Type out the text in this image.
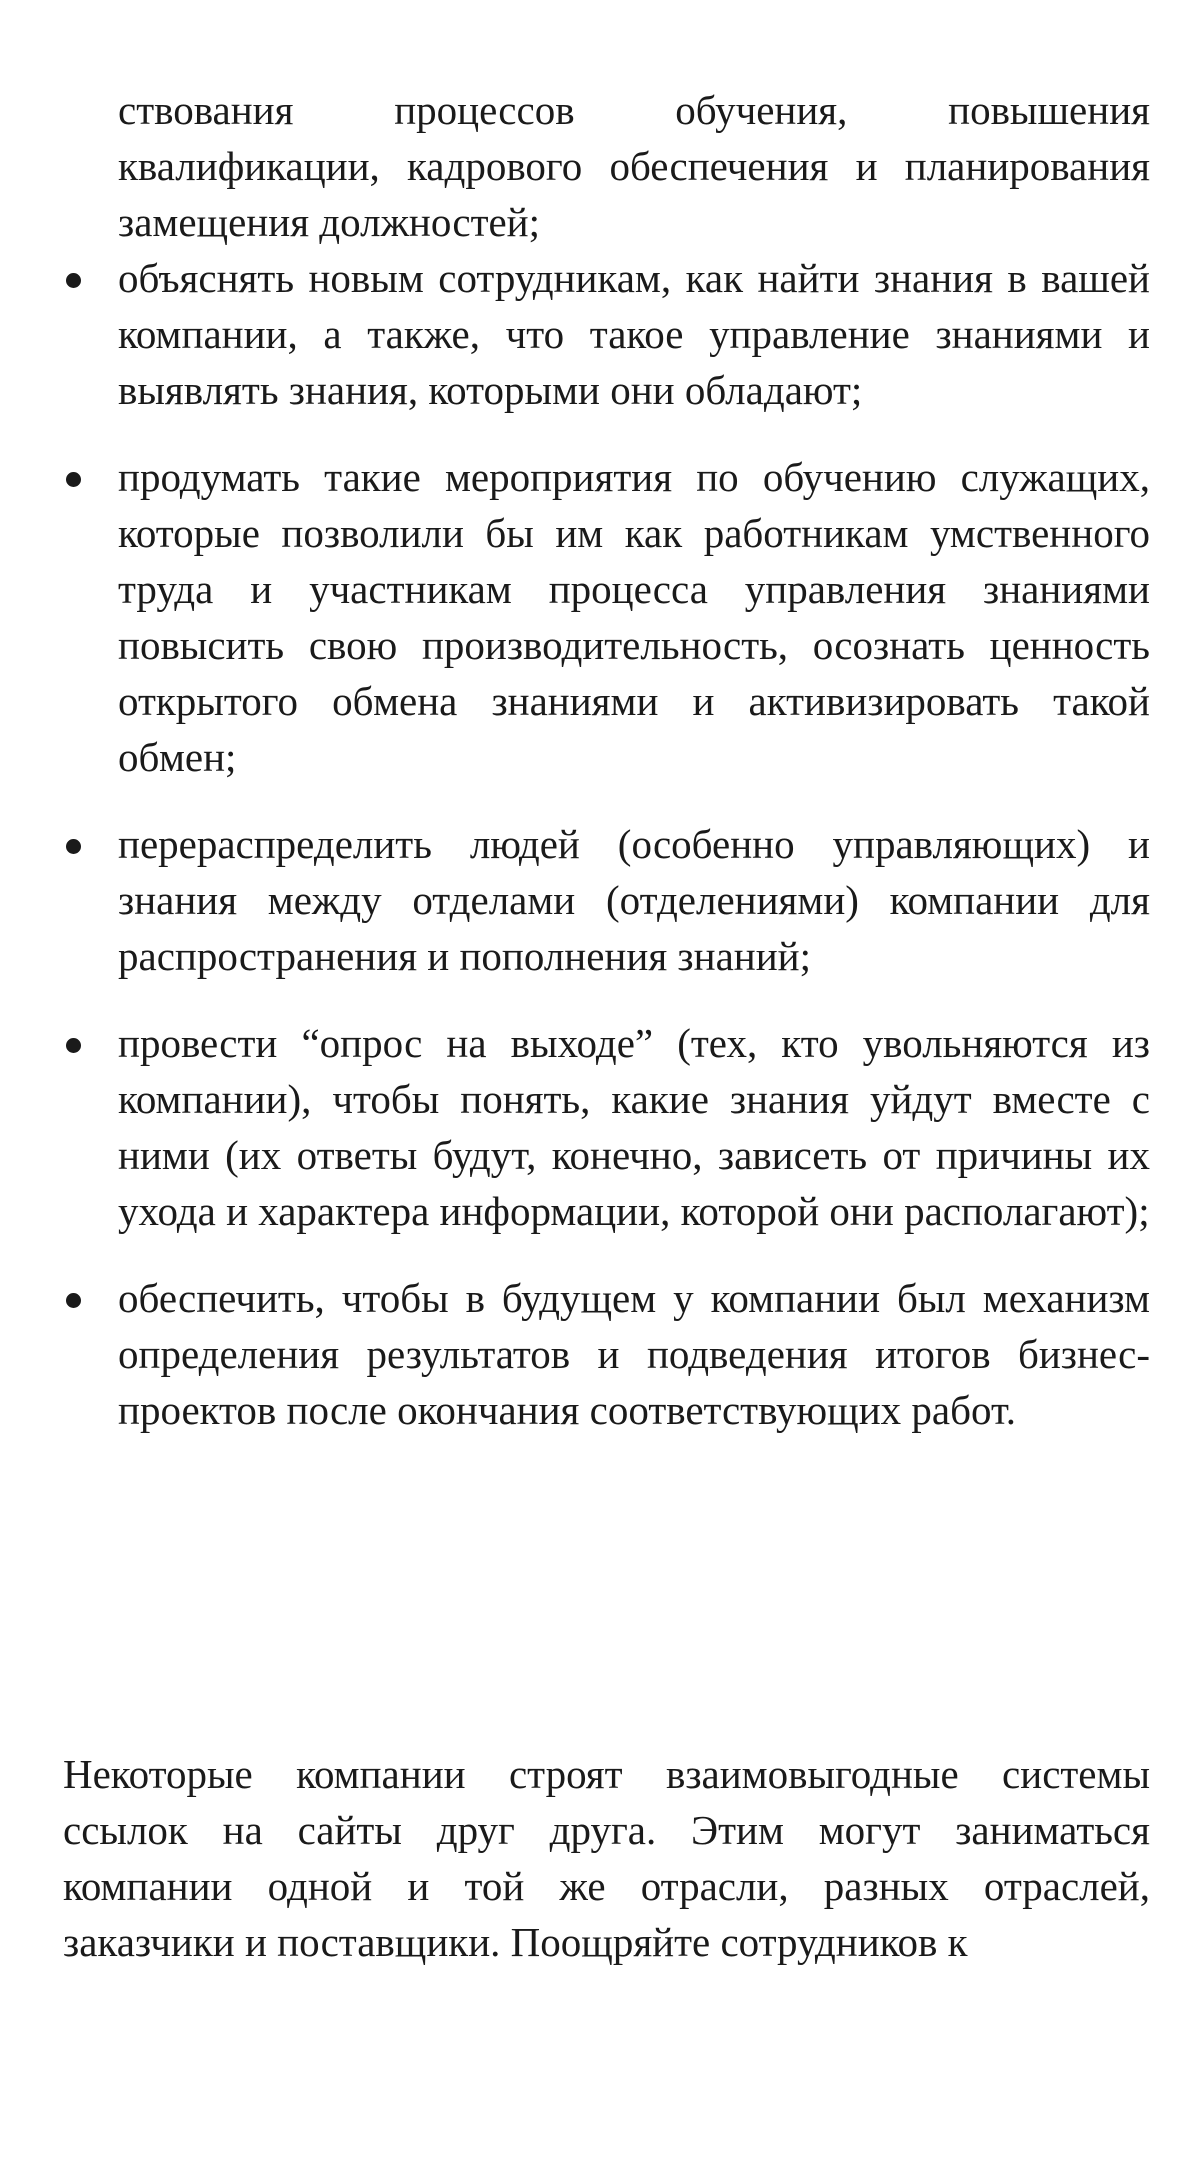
ствования процессов обучения, повышения квалификации, кадрового обеспечения и планирования замещения должностей;

объяснять новым сотрудникам, как найти знания в вашей компании, а также, что такое управление знаниями и выявлять знания, которыми они обладают;
продумать такие мероприятия по обучению служащих, которые позволили бы им как работникам умственного труда и участникам процесса управления знаниями повысить свою производительность, осознать ценность открытого обмена знаниями и активизировать такой обмен;
перераспределить людей (особенно управляющих) и знания между отделами (отделениями) компании для распространения и пополнения знаний;
провести “опрос на выходе” (тех, кто увольняются из компании), чтобы понять, какие знания уйдут вместе с ними (их ответы будут, конечно, зависеть от причины их ухода и характера информации, которой они располагают);
обеспечить, чтобы в будущем у компании был механизм определения результатов и подведения итогов бизнес-проектов после окончания соответствующих работ.

Некоторые компании строят взаимовыгодные системы ссылок на сайты друг друга. Этим могут заниматься компании одной и той же отрасли, разных отраслей, заказчики и поставщики. Поощряйте сотрудников к
